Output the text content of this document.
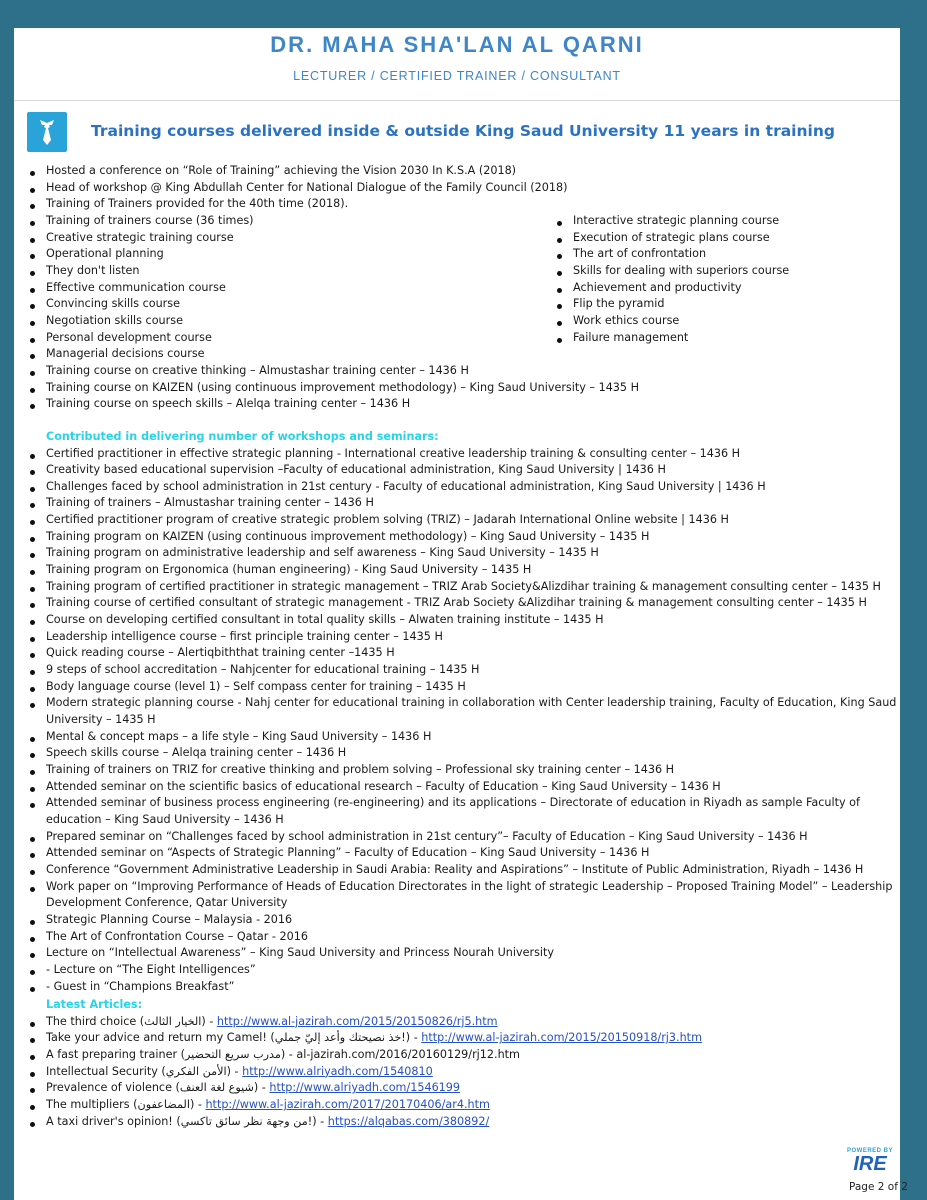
DR. MAHA SHA'LAN AL QARNI
LECTURER / CERTIFIED TRAINER / CONSULTANT
Training courses delivered inside & outside King Saud University 11 years in training
Hosted a conference on “Role of Training” achieving the Vision 2030 In K.S.A (2018)
Head of workshop @ King Abdullah Center for National Dialogue of the Family Council (2018)
Training of Trainers provided for the 40th time (2018).
Training of trainers course (36 times)
Creative strategic training course
Operational planning
They don't listen
Effective communication course
Convincing skills course
Negotiation skills course
Personal development course
Managerial decisions course
Training course on creative thinking – Almustashar training center – 1436 H
Training course on KAIZEN (using continuous improvement methodology) – King Saud University – 1435 H
Training course on speech skills – Alelqa training center – 1436 H
Interactive strategic planning course
Execution of strategic plans course
The art of confrontation
Skills for dealing with superiors course
Achievement and productivity
Flip the pyramid
Work ethics course
Failure management
Contributed in delivering number of workshops and seminars:
Certified practitioner in effective strategic planning - International creative leadership training & consulting center – 1436 H
Creativity based educational supervision –Faculty of educational administration, King Saud University | 1436 H
Challenges faced by school administration in 21st century - Faculty of educational administration, King Saud University | 1436 H
Training of trainers – Almustashar training center – 1436 H
Certified practitioner program of creative strategic problem solving (TRIZ) – Jadarah International Online website | 1436 H
Training program on KAIZEN (using continuous improvement methodology) – King Saud University – 1435 H
Training program on administrative leadership and self awareness – King Saud University – 1435 H
Training program on Ergonomica (human engineering) - King Saud University – 1435 H
Training program of certified practitioner in strategic management – TRIZ Arab Society&Alizdihar training & management consulting center – 1435 H
Training course of certified consultant of strategic management - TRIZ Arab Society &Alizdihar training & management consulting center – 1435 H
Course on developing certified consultant in total quality skills – Alwaten training institute – 1435 H
Leadership intelligence course – first principle training center – 1435 H
Quick reading course – Alertiqbiththat training center –1435 H
9 steps of school accreditation – Nahjcenter for educational training – 1435 H
Body language course (level 1) – Self compass center for training – 1435 H
Modern strategic planning course - Nahj center for educational training in collaboration with Center leadership training, Faculty of Education, King Saud University – 1435 H
Mental & concept maps – a life style – King Saud University – 1436 H
Speech skills course – Alelqa training center – 1436 H
Training of trainers on TRIZ for creative thinking and problem solving – Professional sky training center – 1436 H
Attended seminar on the scientific basics of educational research – Faculty of Education – King Saud University – 1436 H
Attended seminar of business process engineering (re-engineering) and its applications – Directorate of education in Riyadh as sample Faculty of education – King Saud University – 1436 H
Prepared seminar on “Challenges faced by school administration in 21st century”– Faculty of Education – King Saud University – 1436 H
Attended seminar on “Aspects of Strategic Planning” – Faculty of Education – King Saud University – 1436 H
Conference “Government Administrative Leadership in Saudi Arabia: Reality and Aspirations” – Institute of Public Administration, Riyadh – 1436 H
Work paper on “Improving Performance of Heads of Education Directorates in the light of strategic Leadership – Proposed Training Model” – Leadership Development Conference, Qatar University
Strategic Planning Course – Malaysia - 2016
The Art of Confrontation Course – Qatar - 2016
Lecture on “Intellectual Awareness” – King Saud University and Princess Nourah University
- Lecture on “The Eight Intelligences”
- Guest in “Champions Breakfast”
Latest Articles:
The third choice (الخيار الثالث) - http://www.al-jazirah.com/2015/20150826/rj5.htm
Take your advice and return my Camel! (خذ نصيحتك وأعد إليّ جملي!) - http://www.al-jazirah.com/2015/20150918/rj3.htm
A fast preparing trainer (مدرب سريع التحضير) - al-jazirah.com/2016/20160129/rj12.htm
Intellectual Security (الأمن الفكري) - http://www.alriyadh.com/1540810
Prevalence of violence (شيوع لغة العنف) - http://www.alriyadh.com/1546199
The multipliers (المضاعفون) - http://www.al-jazirah.com/2017/20170406/ar4.htm
A taxi driver's opinion! (من وجهة نظر سائق تاكسي!) - https://alqabas.com/380892/
POWERED BY
IRE
Page 2 of 2
